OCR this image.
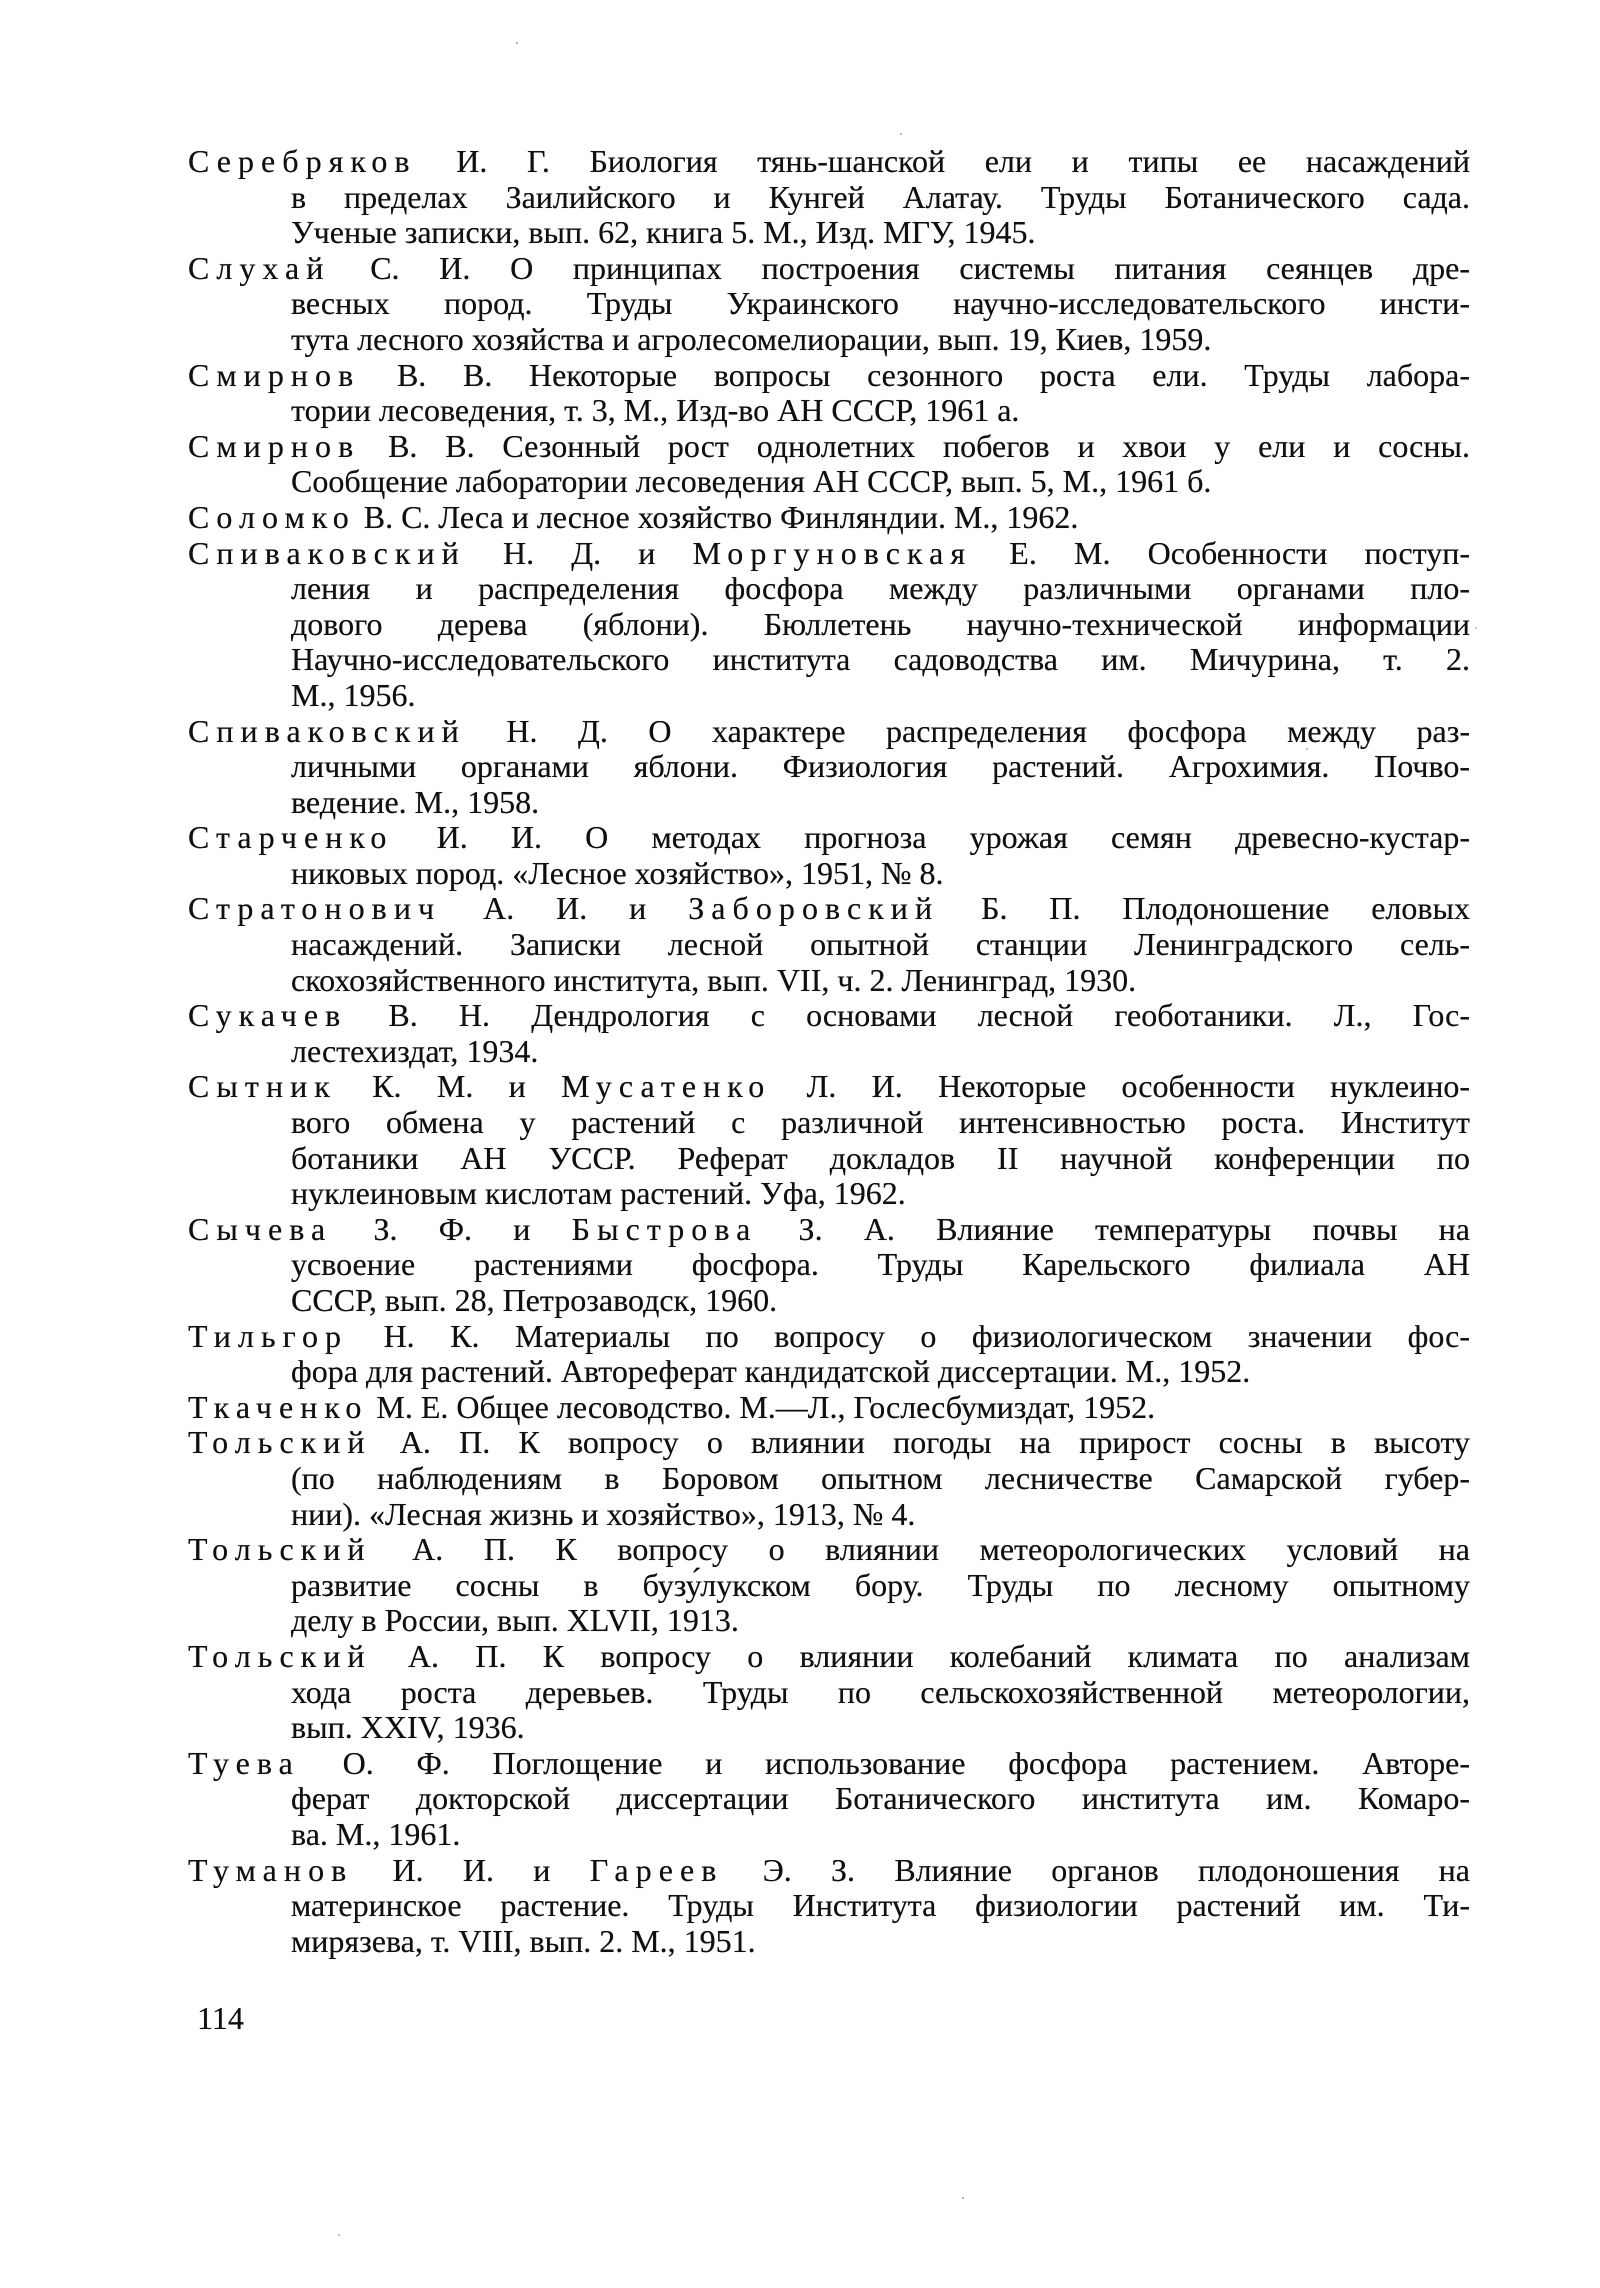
Серебряков И. Г. Биология тянь-шанской ели и типы ее насаждений
в пределах Заилийского и Кунгей Алатау. Труды Ботанического сада.
Ученые записки, вып. 62, книга 5. М., Изд. МГУ, 1945.
Слухай С. И. О принципах построения системы питания сеянцев дре-
весных пород. Труды Украинского научно-исследовательского инсти-
тута лесного хозяйства и агролесомелиорации, вып. 19, Киев, 1959.
Смирнов В. В. Некоторые вопросы сезонного роста ели. Труды лабора-
тории лесоведения, т. 3, М., Изд-во АН СССР, 1961 а.
Смирнов В. В. Сезонный рост однолетних побегов и хвои у ели и сосны.
Сообщение лаборатории лесоведения АН СССР, вып. 5, М., 1961 б.
Соломко В. С. Леса и лесное хозяйство Финляндии. М., 1962.
Спиваковский Н. Д. и Моргуновская Е. М. Особенности поступ-
ления и распределения фосфора между различными органами пло-
дового дерева (яблони). Бюллетень научно-технической информации
Научно-исследовательского института садоводства им. Мичурина, т. 2.
М., 1956.
Спиваковский Н. Д. О характере распределения фосфора между раз-
личными органами яблони. Физиология растений. Агрохимия. Почво-
ведение. М., 1958.
Старченко И. И. О методах прогноза урожая семян древесно-кустар-
никовых пород. «Лесное хозяйство», 1951, № 8.
Стратонович А. И. и Заборовский Б. П. Плодоношение еловых
насаждений. Записки лесной опытной станции Ленинградского сель-
скохозяйственного института, вып. VII, ч. 2. Ленинград, 1930.
Сукачев В. Н. Дендрология с основами лесной геоботаники. Л., Гос-
лестехиздат, 1934.
Сытник К. М. и Мусатенко Л. И. Некоторые особенности нуклеино-
вого обмена у растений с различной интенсивностью роста. Институт
ботаники АН УССР. Реферат докладов II научной конференции по
нуклеиновым кислотам растений. Уфа, 1962.
Сычева З. Ф. и Быстрова З. А. Влияние температуры почвы на
усвоение растениями фосфора. Труды Карельского филиала АН
СССР, вып. 28, Петрозаводск, 1960.
Тильгор Н. К. Материалы по вопросу о физиологическом значении фос-
фора для растений. Автореферат кандидатской диссертации. М., 1952.
Ткаченко М. Е. Общее лесоводство. М.—Л., Гослесбумиздат, 1952.
Тольский А. П. К вопросу о влиянии погоды на прирост сосны в высоту
(по наблюдениям в Боровом опытном лесничестве Самарской губер-
нии). «Лесная жизнь и хозяйство», 1913, № 4.
Тольский А. П. К вопросу о влиянии метеорологических условий на
развитие сосны в бузу́лукском бору. Труды по лесному опытному
делу в России, вып. XLVII, 1913.
Тольский А. П. К вопросу о влиянии колебаний климата по анализам
хода роста деревьев. Труды по сельскохозяйственной метеорологии,
вып. XXIV, 1936.
Туева О. Ф. Поглощение и использование фосфора растением. Авторе-
ферат докторской диссертации Ботанического института им. Комаро-
ва. М., 1961.
Туманов И. И. и Гареев Э. З. Влияние органов плодоношения на
материнское растение. Труды Института физиологии растений им. Ти-
мирязева, т. VIII, вып. 2. М., 1951.
114
